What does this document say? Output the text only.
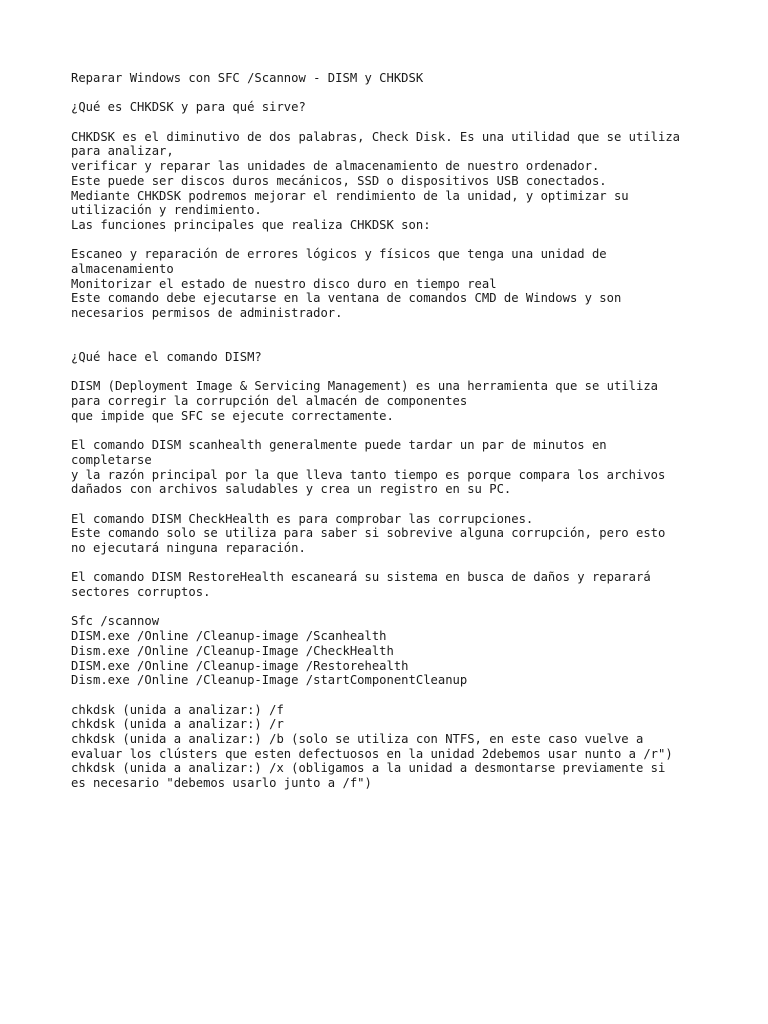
Reparar Windows con SFC /Scannow - DISM y CHKDSK
¿Qué es CHKDSK y para qué sirve?
CHKDSK es el diminutivo de dos palabras, Check Disk. Es una utilidad que se utiliza
para analizar,
verificar y reparar las unidades de almacenamiento de nuestro ordenador.
Este puede ser discos duros mecánicos, SSD o dispositivos USB conectados.
Mediante CHKDSK podremos mejorar el rendimiento de la unidad, y optimizar su
utilización y rendimiento.
Las funciones principales que realiza CHKDSK son:
Escaneo y reparación de errores lógicos y físicos que tenga una unidad de
almacenamiento
Monitorizar el estado de nuestro disco duro en tiempo real
Este comando debe ejecutarse en la ventana de comandos CMD de Windows y son
necesarios permisos de administrador.
¿Qué hace el comando DISM?
DISM (Deployment Image & Servicing Management) es una herramienta que se utiliza
para corregir la corrupción del almacén de componentes
que impide que SFC se ejecute correctamente.
El comando DISM scanhealth generalmente puede tardar un par de minutos en
completarse
y la razón principal por la que lleva tanto tiempo es porque compara los archivos
dañados con archivos saludables y crea un registro en su PC.
El comando DISM CheckHealth es para comprobar las corrupciones.
Este comando solo se utiliza para saber si sobrevive alguna corrupción, pero esto
no ejecutará ninguna reparación.
El comando DISM RestoreHealth escaneará su sistema en busca de daños y reparará
sectores corruptos.
Sfc /scannow
DISM.exe /Online /Cleanup-image /Scanhealth
Dism.exe /Online /Cleanup-Image /CheckHealth
DISM.exe /Online /Cleanup-image /Restorehealth
Dism.exe /Online /Cleanup-Image /startComponentCleanup
chkdsk (unida a analizar:) /f
chkdsk (unida a analizar:) /r
chkdsk (unida a analizar:) /b (solo se utiliza con NTFS, en este caso vuelve a
evaluar los clústers que esten defectuosos en la unidad 2debemos usar nunto a /r")
chkdsk (unida a analizar:) /x (obligamos a la unidad a desmontarse previamente si
es necesario "debemos usarlo junto a /f")
